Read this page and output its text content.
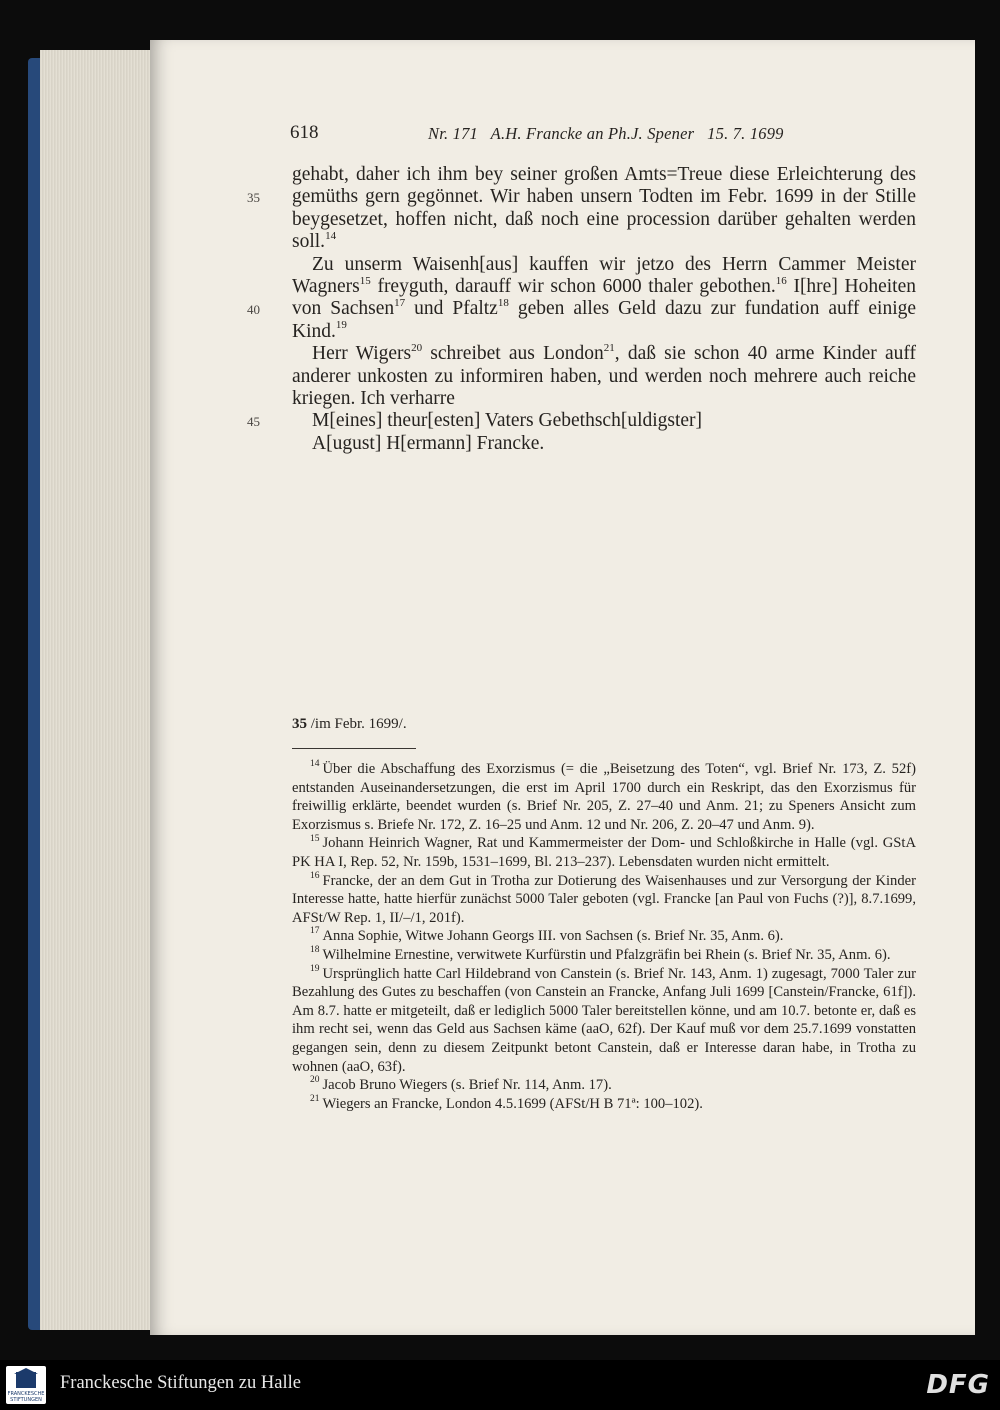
618	Nr. 171   A.H. Francke an Ph.J. Spener   15. 7. 1699
35
40
45

gehabt, daher ich ihm bey seiner großen Amts=Treue diese Erleichterung des gemüths gern gegönnet. Wir haben unsern Todten im Febr. 1699 in der Stille beygesetzet, hoffen nicht, daß noch eine procession darüber gehalten werden soll.$^{14}$

Zu unserm Waisenh[aus] kauffen wir jetzo des Herrn Cammer Meister Wagners$^{15}$ freyguth, darauff wir schon 6000 thaler gebothen.$^{16}$ I[hre] Hoheiten von Sachsen$^{17}$ und Pfaltz$^{18}$ geben alles Geld dazu zur fundation auff einige Kind.$^{19}$

Herr Wigers$^{20}$ schreibet aus London$^{21}$, daß sie schon 40 arme Kinder auff anderer unkosten zu informiren haben, und werden noch mehrere auch reiche kriegen. Ich verharre

M[eines] theur[esten] Vaters Gebethsch[uldigster]

A[ugust] H[ermann] Francke.

35 /im Febr. 1699/.

$^{14}$ Über die Abschaffung des Exorzismus (= die „Beisetzung des Toten“, vgl. Brief Nr. 173, Z. 52f) entstanden Auseinandersetzungen, die erst im April 1700 durch ein Reskript, das den Exorzismus für freiwillig erklärte, beendet wurden (s. Brief Nr. 205, Z. 27–40 und Anm. 21; zu Speners Ansicht zum Exorzismus s. Briefe Nr. 172, Z. 16–25 und Anm. 12 und Nr. 206, Z. 20–47 und Anm. 9).

$^{15}$ Johann Heinrich Wagner, Rat und Kammermeister der Dom- und Schloßkirche in Halle (vgl. GStA PK HA I, Rep. 52, Nr. 159b, 1531–1699, Bl. 213–237). Lebensdaten wurden nicht ermittelt.

$^{16}$ Francke, der an dem Gut in Trotha zur Dotierung des Waisenhauses und zur Versorgung der Kinder Interesse hatte, hatte hierfür zunächst 5000 Taler geboten (vgl. Francke [an Paul von Fuchs (?)], 8.7.1699, AFSt/W Rep. 1, II/–/1, 201f).

$^{17}$ Anna Sophie, Witwe Johann Georgs III. von Sachsen (s. Brief Nr. 35, Anm. 6).

$^{18}$ Wilhelmine Ernestine, verwitwete Kurfürstin und Pfalzgräfin bei Rhein (s. Brief Nr. 35, Anm. 6).

$^{19}$ Ursprünglich hatte Carl Hildebrand von Canstein (s. Brief Nr. 143, Anm. 1) zugesagt, 7000 Taler zur Bezahlung des Gutes zu beschaffen (von Canstein an Francke, Anfang Juli 1699 [Canstein/Francke, 61f]). Am 8.7. hatte er mitgeteilt, daß er lediglich 5000 Taler bereitstellen könne, und am 10.7. betonte er, daß es ihm recht sei, wenn das Geld aus Sachsen käme (aaO, 62f). Der Kauf muß vor dem 25.7.1699 vonstatten gegangen sein, denn zu diesem Zeitpunkt betont Canstein, daß er Interesse daran habe, in Trotha zu wohnen (aaO, 63f).

$^{20}$ Jacob Bruno Wiegers (s. Brief Nr. 114, Anm. 17).

$^{21}$ Wiegers an Francke, London 4.5.1699 (AFSt/H B 71ª: 100–102).

FRANCKESCHE STIFTUNGEN
Franckesche Stiftungen zu Halle	DFG
